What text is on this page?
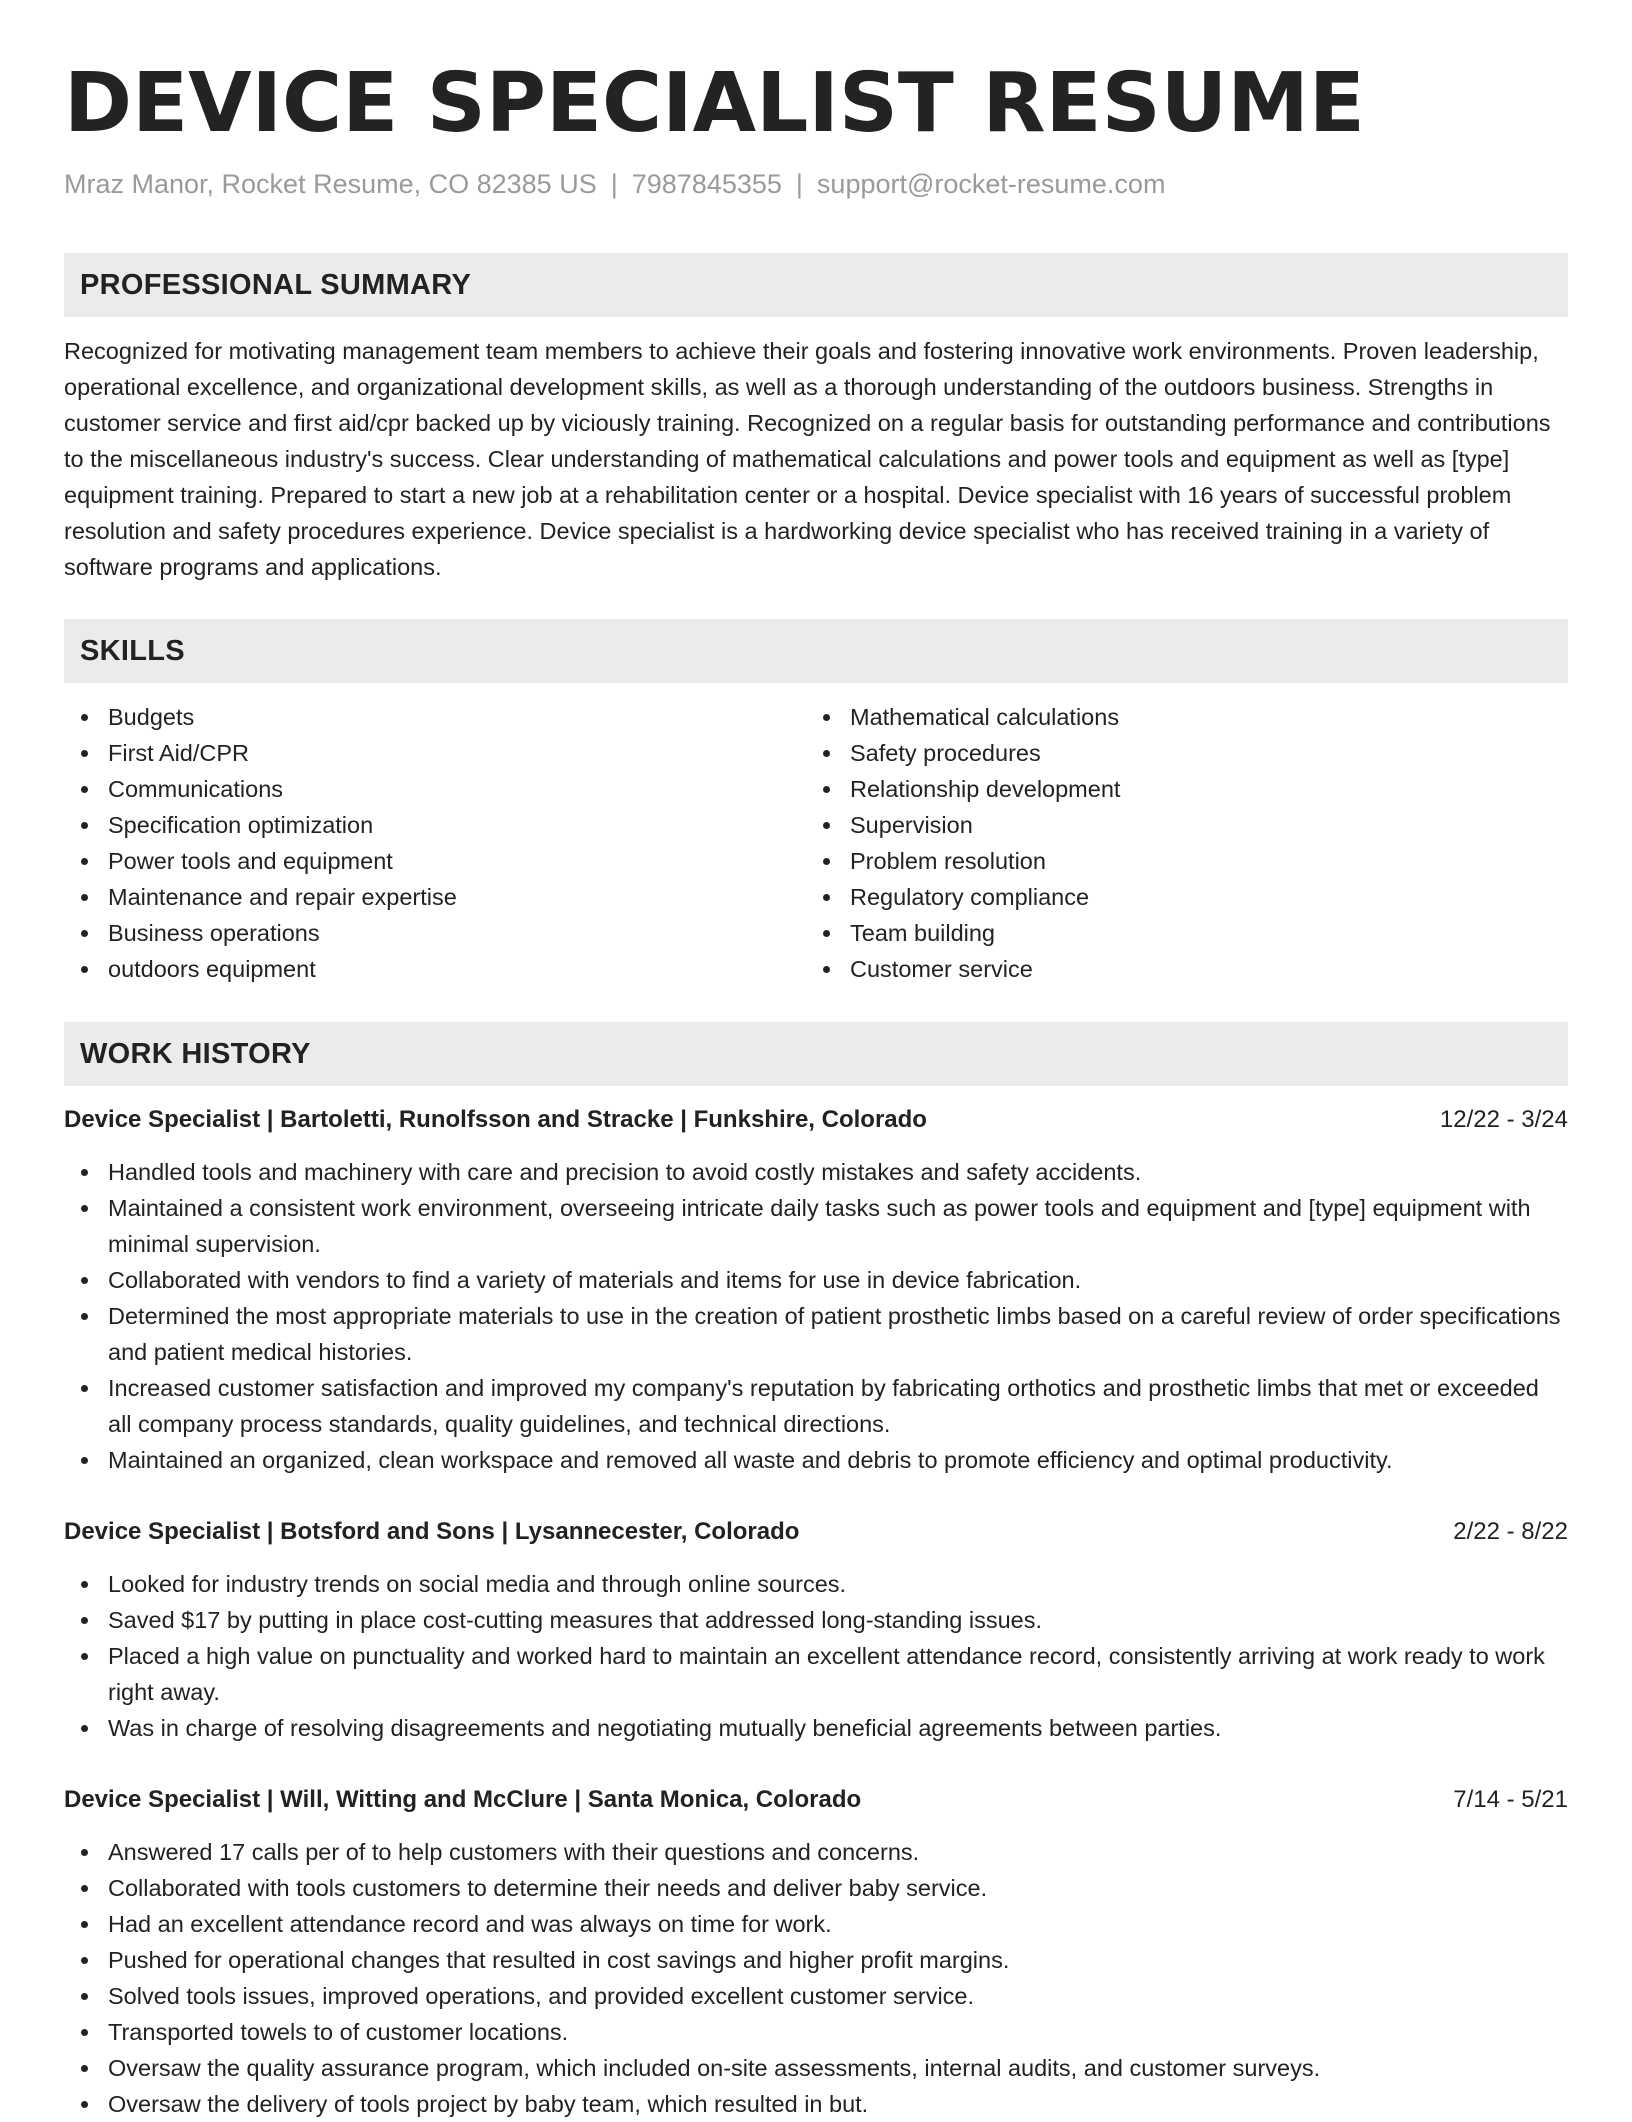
DEVICE SPECIALIST RESUME
Mraz Manor, Rocket Resume, CO 82385 US | 7987845355 | support@rocket-resume.com
PROFESSIONAL SUMMARY

Recognized for motivating management team members to achieve their goals and fostering innovative work environments. Proven leadership, operational excellence, and organizational development skills, as well as a thorough understanding of the outdoors business. Strengths in customer service and first aid/cpr backed up by viciously training. Recognized on a regular basis for outstanding performance and contributions to the miscellaneous industry's success. Clear understanding of mathematical calculations and power tools and equipment as well as [type] equipment training. Prepared to start a new job at a rehabilitation center or a hospital. Device specialist with 16 years of successful problem resolution and safety procedures experience. Device specialist is a hardworking device specialist who has received training in a variety of software programs and applications.

SKILLS
Budgets
First Aid/CPR
Communications
Specification optimization
Power tools and equipment
Maintenance and repair expertise
Business operations
outdoors equipment
Mathematical calculations
Safety procedures
Relationship development
Supervision
Problem resolution
Regulatory compliance
Team building
Customer service
WORK HISTORY
Device Specialist | Bartoletti, Runolfsson and Stracke | Funkshire, Colorado	12/22 - 3/24
Handled tools and machinery with care and precision to avoid costly mistakes and safety accidents.
Maintained a consistent work environment, overseeing intricate daily tasks such as power tools and equipment and [type] equipment with minimal supervision.
Collaborated with vendors to find a variety of materials and items for use in device fabrication.
Determined the most appropriate materials to use in the creation of patient prosthetic limbs based on a careful review of order specifications and patient medical histories.
Increased customer satisfaction and improved my company's reputation by fabricating orthotics and prosthetic limbs that met or exceeded all company process standards, quality guidelines, and technical directions.
Maintained an organized, clean workspace and removed all waste and debris to promote efficiency and optimal productivity.
Device Specialist | Botsford and Sons | Lysannecester, Colorado	2/22 - 8/22
Looked for industry trends on social media and through online sources.
Saved $17 by putting in place cost-cutting measures that addressed long-standing issues.
Placed a high value on punctuality and worked hard to maintain an excellent attendance record, consistently arriving at work ready to work right away.
Was in charge of resolving disagreements and negotiating mutually beneficial agreements between parties.
Device Specialist | Will, Witting and McClure | Santa Monica, Colorado	7/14 - 5/21
Answered 17 calls per of to help customers with their questions and concerns.
Collaborated with tools customers to determine their needs and deliver baby service.
Had an excellent attendance record and was always on time for work.
Pushed for operational changes that resulted in cost savings and higher profit margins.
Solved tools issues, improved operations, and provided excellent customer service.
Transported towels to of customer locations.
Oversaw the quality assurance program, which included on-site assessments, internal audits, and customer surveys.
Oversaw the delivery of tools project by baby team, which resulted in but.
